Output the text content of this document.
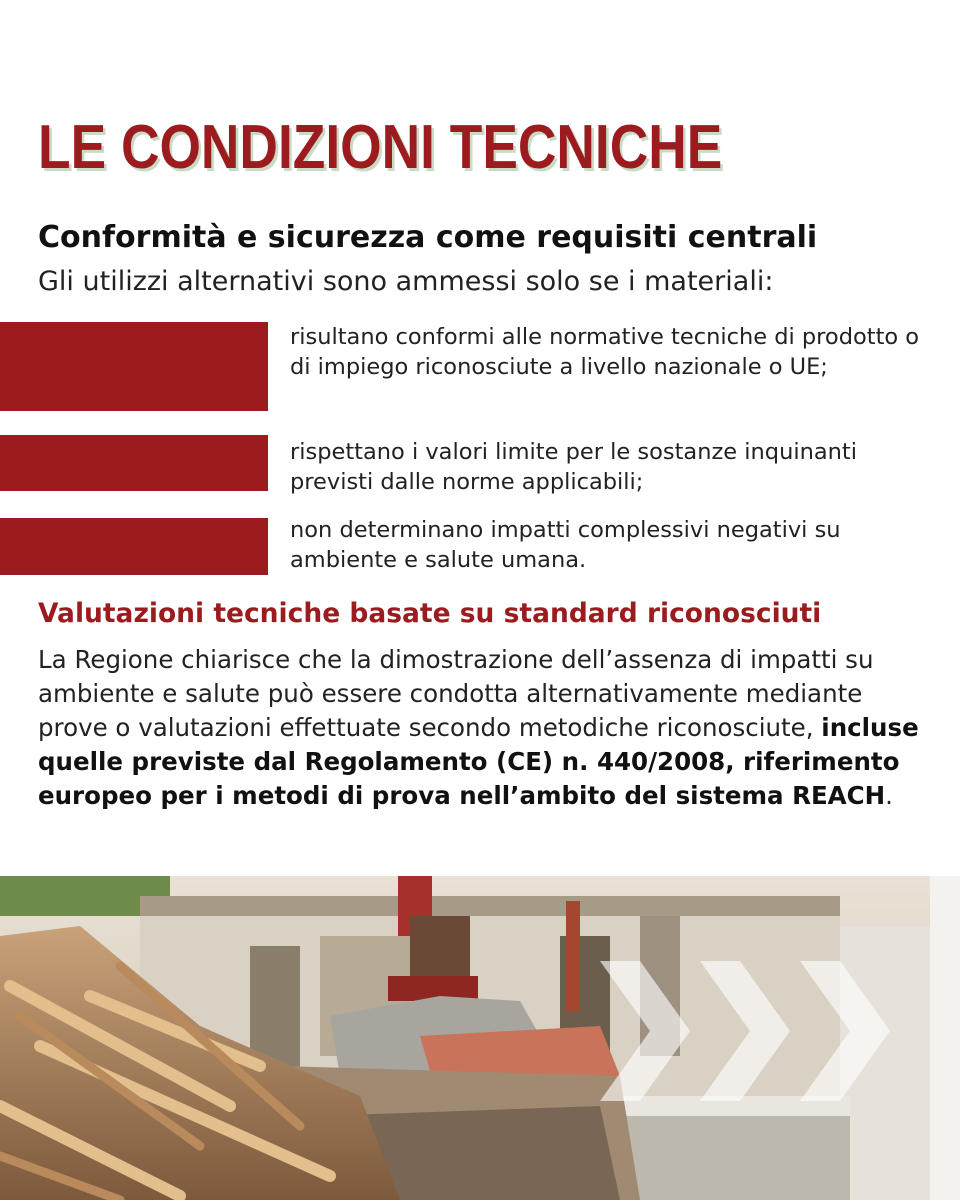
LE CONDIZIONI TECNICHE
Conformità e sicurezza come requisiti centrali

Gli utilizzi alternativi sono ammessi solo se i materiali:

risultano conformi alle normative tecniche di prodotto o di impiego riconosciute a livello nazionale o UE;

rispettano i valori limite per le sostanze inquinanti previsti dalle norme applicabili;

non determinano impatti complessivi negativi su ambiente e salute umana.

Valutazioni tecniche basate su standard riconosciuti

La Regione chiarisce che la dimostrazione dell’assenza di impatti su ambiente e salute può essere condotta alternativamente mediante prove o valutazioni effettuate secondo metodiche riconosciute, incluse quelle previste dal Regolamento (CE) n. 440/2008, riferimento europeo per i metodi di prova nell’ambito del sistema REACH.
